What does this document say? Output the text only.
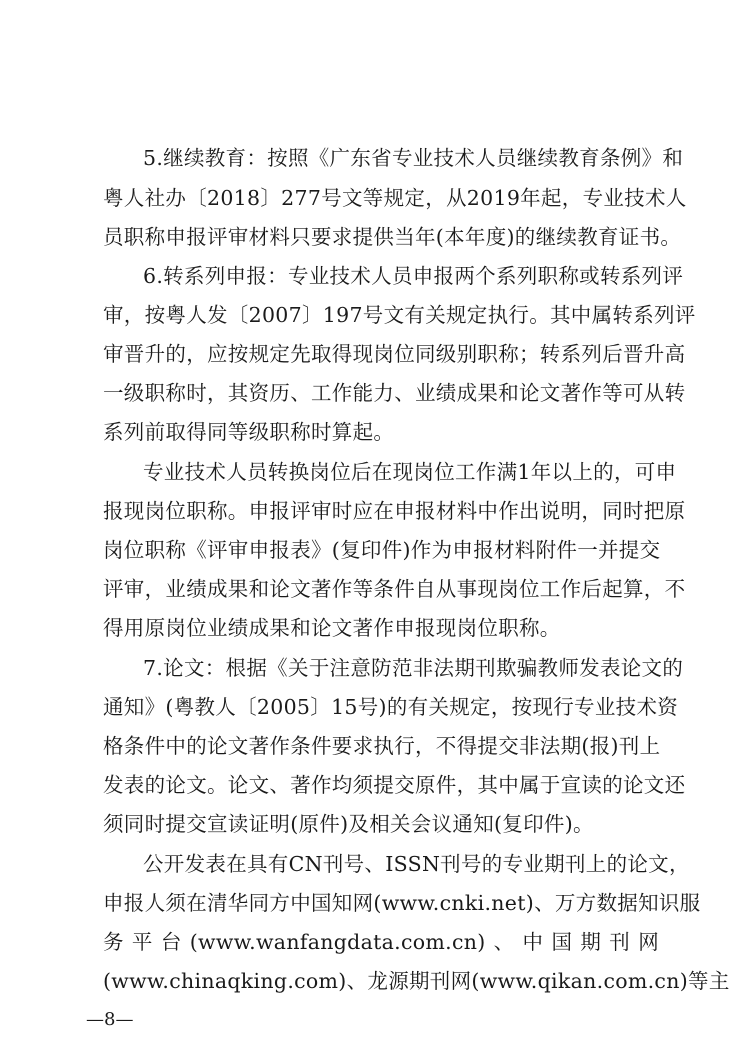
5.继续教育：按照《广东省专业技术人员继续教育条例》和
粤人社办〔2018〕277号文等规定，从2019年起，专业技术人
员职称申报评审材料只要求提供当年(本年度)的继续教育证书。
6.转系列申报：专业技术人员申报两个系列职称或转系列评
审，按粤人发〔2007〕197号文有关规定执行。其中属转系列评
审晋升的，应按规定先取得现岗位同级别职称；转系列后晋升高
一级职称时，其资历、工作能力、业绩成果和论文著作等可从转
系列前取得同等级职称时算起。
专业技术人员转换岗位后在现岗位工作满1年以上的，可申
报现岗位职称。申报评审时应在申报材料中作出说明，同时把原
岗位职称《评审申报表》(复印件)作为申报材料附件一并提交
评审，业绩成果和论文著作等条件自从事现岗位工作后起算，不
得用原岗位业绩成果和论文著作申报现岗位职称。
7.论文：根据《关于注意防范非法期刊欺骗教师发表论文的
通知》(粤教人〔2005〕15号)的有关规定，按现行专业技术资
格条件中的论文著作条件要求执行，不得提交非法期(报)刊上
发表的论文。论文、著作均须提交原件，其中属于宣读的论文还
须同时提交宣读证明(原件)及相关会议通知(复印件)。
公开发表在具有CN刊号、ISSN刊号的专业期刊上的论文，
申报人须在清华同方中国知网(www.cnki.net)、万方数据知识服
务平台(www.wanfangdata.com.cn)、中国期刊网
(www.chinaqking.com)、龙源期刊网(www.qikan.com.cn)等主
—8—
